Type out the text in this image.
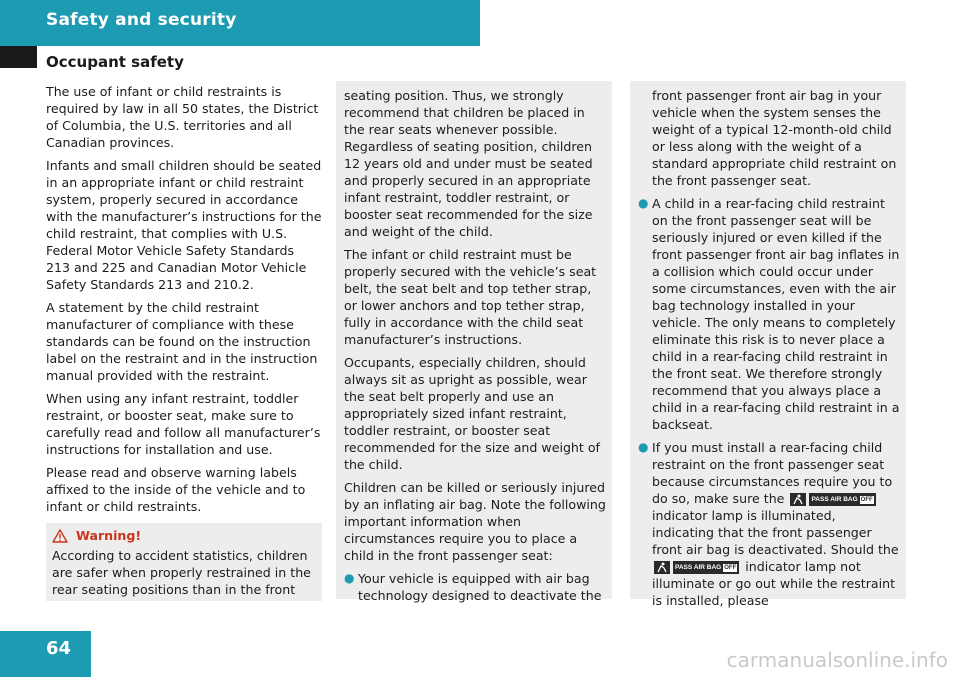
Safety and security
Occupant safety

The use of infant or child restraints is required by law in all 50 states, the District of Columbia, the U.S. territories and all Canadian provinces.

Infants and small children should be seated in an appropriate infant or child restraint system, properly secured in accordance with the manufacturer’s instructions for the child restraint, that complies with U.S. Federal Motor Vehicle Safety Standards 213 and 225 and Canadian Motor Vehicle Safety Standards 213 and 210.2.

A statement by the child restraint manufacturer of compliance with these standards can be found on the instruction label on the restraint and in the instruction manual provided with the restraint.

When using any infant restraint, toddler restraint, or booster seat, make sure to carefully read and follow all manufacturer’s instructions for installation and use.

Please read and observe warning labels affixed to the inside of the vehicle and to infant or child restraints.

Warning!
According to accident statistics, children are safer when properly restrained in the rear seating positions than in the front

seating position. Thus, we strongly recommend that children be placed in the rear seats whenever possible. Regardless of seating position, children 12 years old and under must be seated and properly secured in an appropriate infant restraint, toddler restraint, or booster seat recommended for the size and weight of the child.

The infant or child restraint must be properly secured with the vehicle’s seat belt, the seat belt and top tether strap, or lower anchors and top tether strap, fully in accordance with the child seat manufacturer’s instructions.

Occupants, especially children, should always sit as upright as possible, wear the seat belt properly and use an appropriately sized infant restraint, toddler restraint, or booster seat recommended for the size and weight of the child.

Children can be killed or seriously injured by an inflating air bag. Note the following important information when circumstances require you to place a child in the front passenger seat:

● Your vehicle is equipped with air bag technology designed to deactivate the

front passenger front air bag in your vehicle when the system senses the weight of a typical 12-month-old child or less along with the weight of a standard appropriate child restraint on the front passenger seat.

● A child in a rear-facing child restraint on the front passenger seat will be seriously injured or even killed if the front passenger front air bag inflates in a collision which could occur under some circumstances, even with the air bag technology installed in your vehicle. The only means to completely eliminate this risk is to never place a child in a rear-facing child restraint in the front seat. We therefore strongly recommend that you always place a child in a rear-facing child restraint in a backseat.
● If you must install a rear-facing child restraint on the front passenger seat because circumstances require you to do so, make sure the	PASS AIR BAG OFF
indicator lamp is illuminated, indicating that the front passenger front air bag is deactivated. Should the
PASS AIR BAG OFF indicator lamp not illuminate or go out while the restraint is installed, please
64	carmanualsonline.info
